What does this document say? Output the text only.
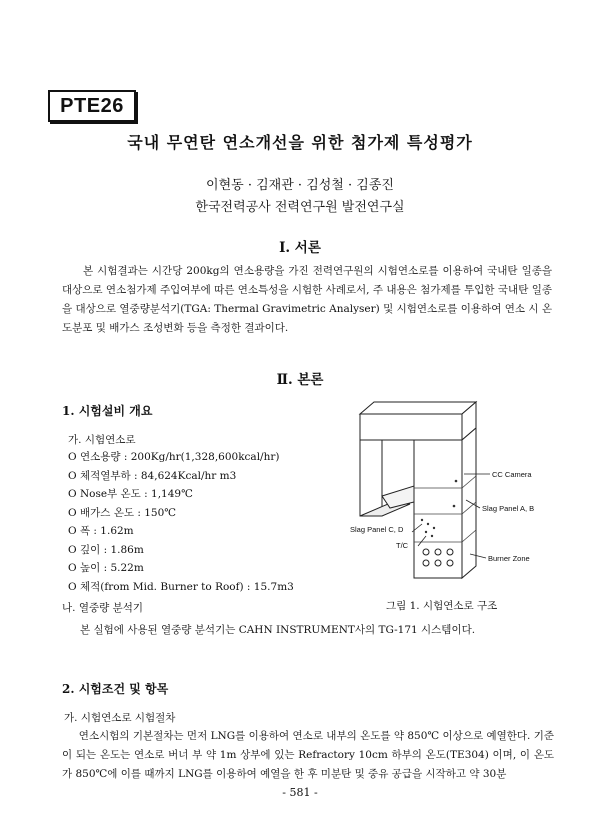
PTE26
국내 무연탄 연소개선을 위한 첨가제 특성평가
이현동 · 김재관 · 김성철 · 김종진
한국전력공사 전력연구원 발전연구실
Ⅰ. 서론

본 시험결과는 시간당 200kg의 연소용량을 가진 전력연구원의 시험연소로를 이용하여 국내탄 일종을 대상으로 연소첨가제 주입여부에 따른 연소특성을 시험한 사례로서, 주 내용은 첨가제를 투입한 국내탄 일종을 대상으로 열중량분석기(TGA: Thermal Gravimetric Analyser) 및 시험연소로를 이용하여 연소 시 온도분포 및 배가스 조성변화 등을 측정한 결과이다.

Ⅱ. 본론
1. 시험설비 개요
가. 시험연소로
O 연소용량 : 200Kg/hr(1,328,600kcal/hr)
O 체적열부하 : 84,624Kcal/hr m3
O Nose부 온도 : 1,149℃
O 배가스 온도 : 150℃
O 폭 : 1.62m
O 깊이 : 1.86m
O 높이 : 5.22m
O 체적(from Mid. Burner to Roof) : 15.7m3
CC Camera
Slag Panel A, B
Slag Panel C, D
T/C
Burner Zone
그림 1. 시험연소로 구조
나. 열중량 분석기
본 실험에 사용된 열중량 분석기는 CAHN INSTRUMENT사의 TG-171 시스템이다.
2. 시험조건 및 항목
가. 시험연소로 시험절차

연소시험의 기본절차는 먼저 LNG를 이용하여 연소로 내부의 온도를 약 850℃ 이상으로 예열한다. 기준이 되는 온도는 연소로 버너 부 약 1m 상부에 있는 Refractory 10cm 하부의 온도(TE304) 이며, 이 온도가 850℃에 이를 때까지 LNG를 이용하여 예열을 한 후 미분탄 및 중유 공급을 시작하고 약 30분

- 581 -
